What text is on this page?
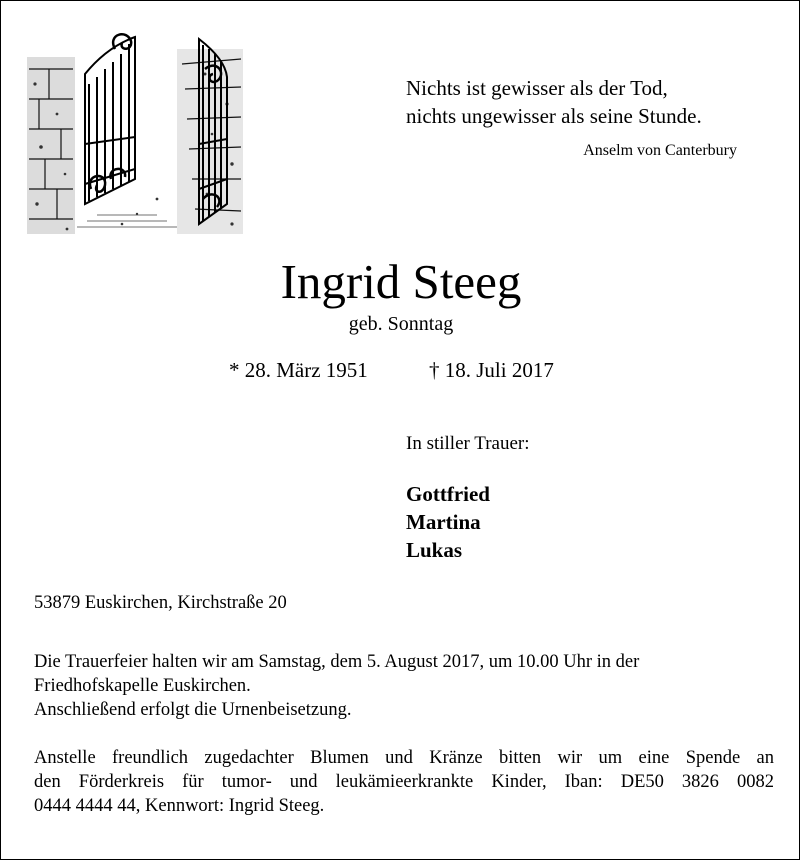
Nichts ist gewisser als der Tod,
nichts ungewisser als seine Stunde.
Anselm von Canterbury
Ingrid Steeg
geb. Sonntag
* 28. März 1951	† 18. Juli 2017
In stiller Trauer:
Gottfried
Martina
Lukas
53879 Euskirchen, Kirchstraße 20
Die Trauerfeier halten wir am Samstag, dem 5. August 2017, um 10.00 Uhr in der
Friedhofskapelle Euskirchen.
Anschließend erfolgt die Urnenbeisetzung.
Anstelle freundlich zugedachter Blumen und Kränze bitten wir um eine Spende an
den Förderkreis für tumor- und leukämieerkrankte Kinder, Iban: DE50 3826 0082
0444 4444 44, Kennwort: Ingrid Steeg.
